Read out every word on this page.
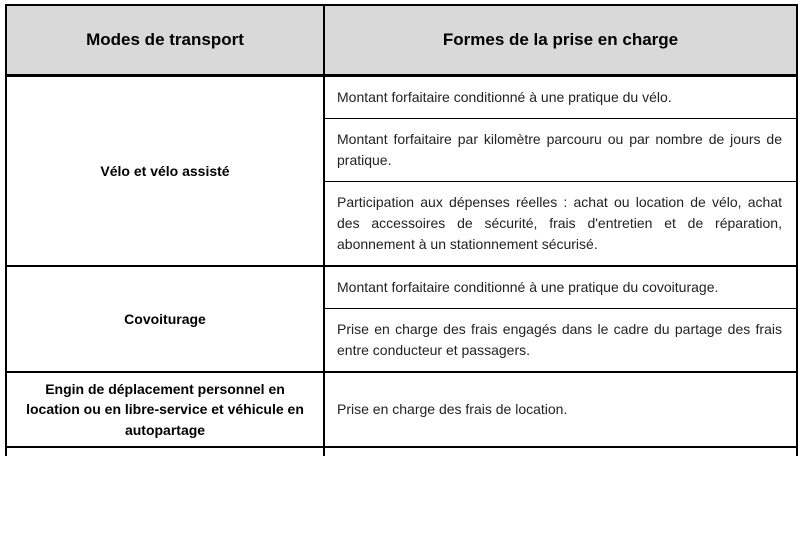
Modes de transport	Formes de la prise en charge
Vélo et vélo assisté	Montant forfaitaire conditionné à une pratique du vélo.
	Montant forfaitaire par kilomètre parcouru ou par nombre de jours de pratique.
	Participation aux dépenses réelles : achat ou location de vélo, achat des accessoires de sécurité, frais d'entretien et de réparation, abonnement à un stationnement sécurisé.
Covoiturage	Montant forfaitaire conditionné à une pratique du covoiturage.
	Prise en charge des frais engagés dans le cadre du partage des frais entre conducteur et passagers.
Engin de déplacement personnel en location ou en libre-service et véhicule en autopartage	Prise en charge des frais de location.
